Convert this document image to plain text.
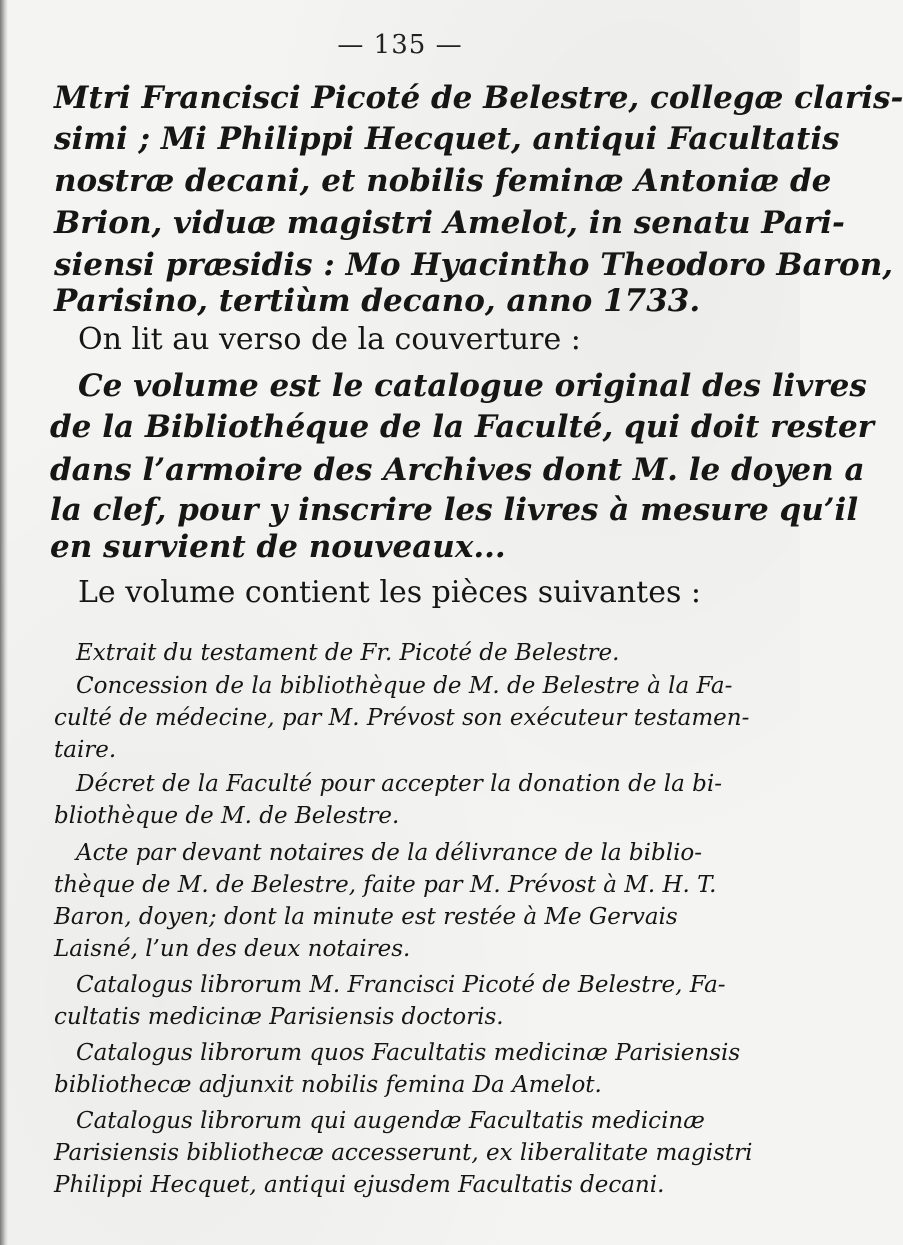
— 135 —
Mtri Francisci Picoté de Belestre, collegæ claris-
simi ; Mi Philippi Hecquet, antiqui Facultatis
nostræ decani, et nobilis feminæ Antoniæ de
Brion, viduæ magistri Amelot, in senatu Pari-
siensi præsidis : Mo Hyacintho Theodoro Baron,
Parisino, tertiùm decano, anno 1733.
On lit au verso de la couverture :
Ce volume est le catalogue original des livres
de la Bibliothéque de la Faculté, qui doit rester
dans l’armoire des Archives dont M. le doyen a
la clef, pour y inscrire les livres à mesure qu’il
en survient de nouveaux...
Le volume contient les pièces suivantes :
Extrait du testament de Fr. Picoté de Belestre.
Concession de la bibliothèque de M. de Belestre à la Fa-
culté de médecine, par M. Prévost son exécuteur testamen-
taire.
Décret de la Faculté pour accepter la donation de la bi-
bliothèque de M. de Belestre.
Acte par devant notaires de la délivrance de la biblio-
thèque de M. de Belestre, faite par M. Prévost à M. H. T.
Baron, doyen; dont la minute est restée à Me Gervais
Laisné, l’un des deux notaires.
Catalogus librorum M. Francisci Picoté de Belestre, Fa-
cultatis medicinæ Parisiensis doctoris.
Catalogus librorum quos Facultatis medicinæ Parisiensis
bibliothecæ adjunxit nobilis femina Da Amelot.
Catalogus librorum qui augendæ Facultatis medicinæ
Parisiensis bibliothecæ accesserunt, ex liberalitate magistri
Philippi Hecquet, antiqui ejusdem Facultatis decani.
